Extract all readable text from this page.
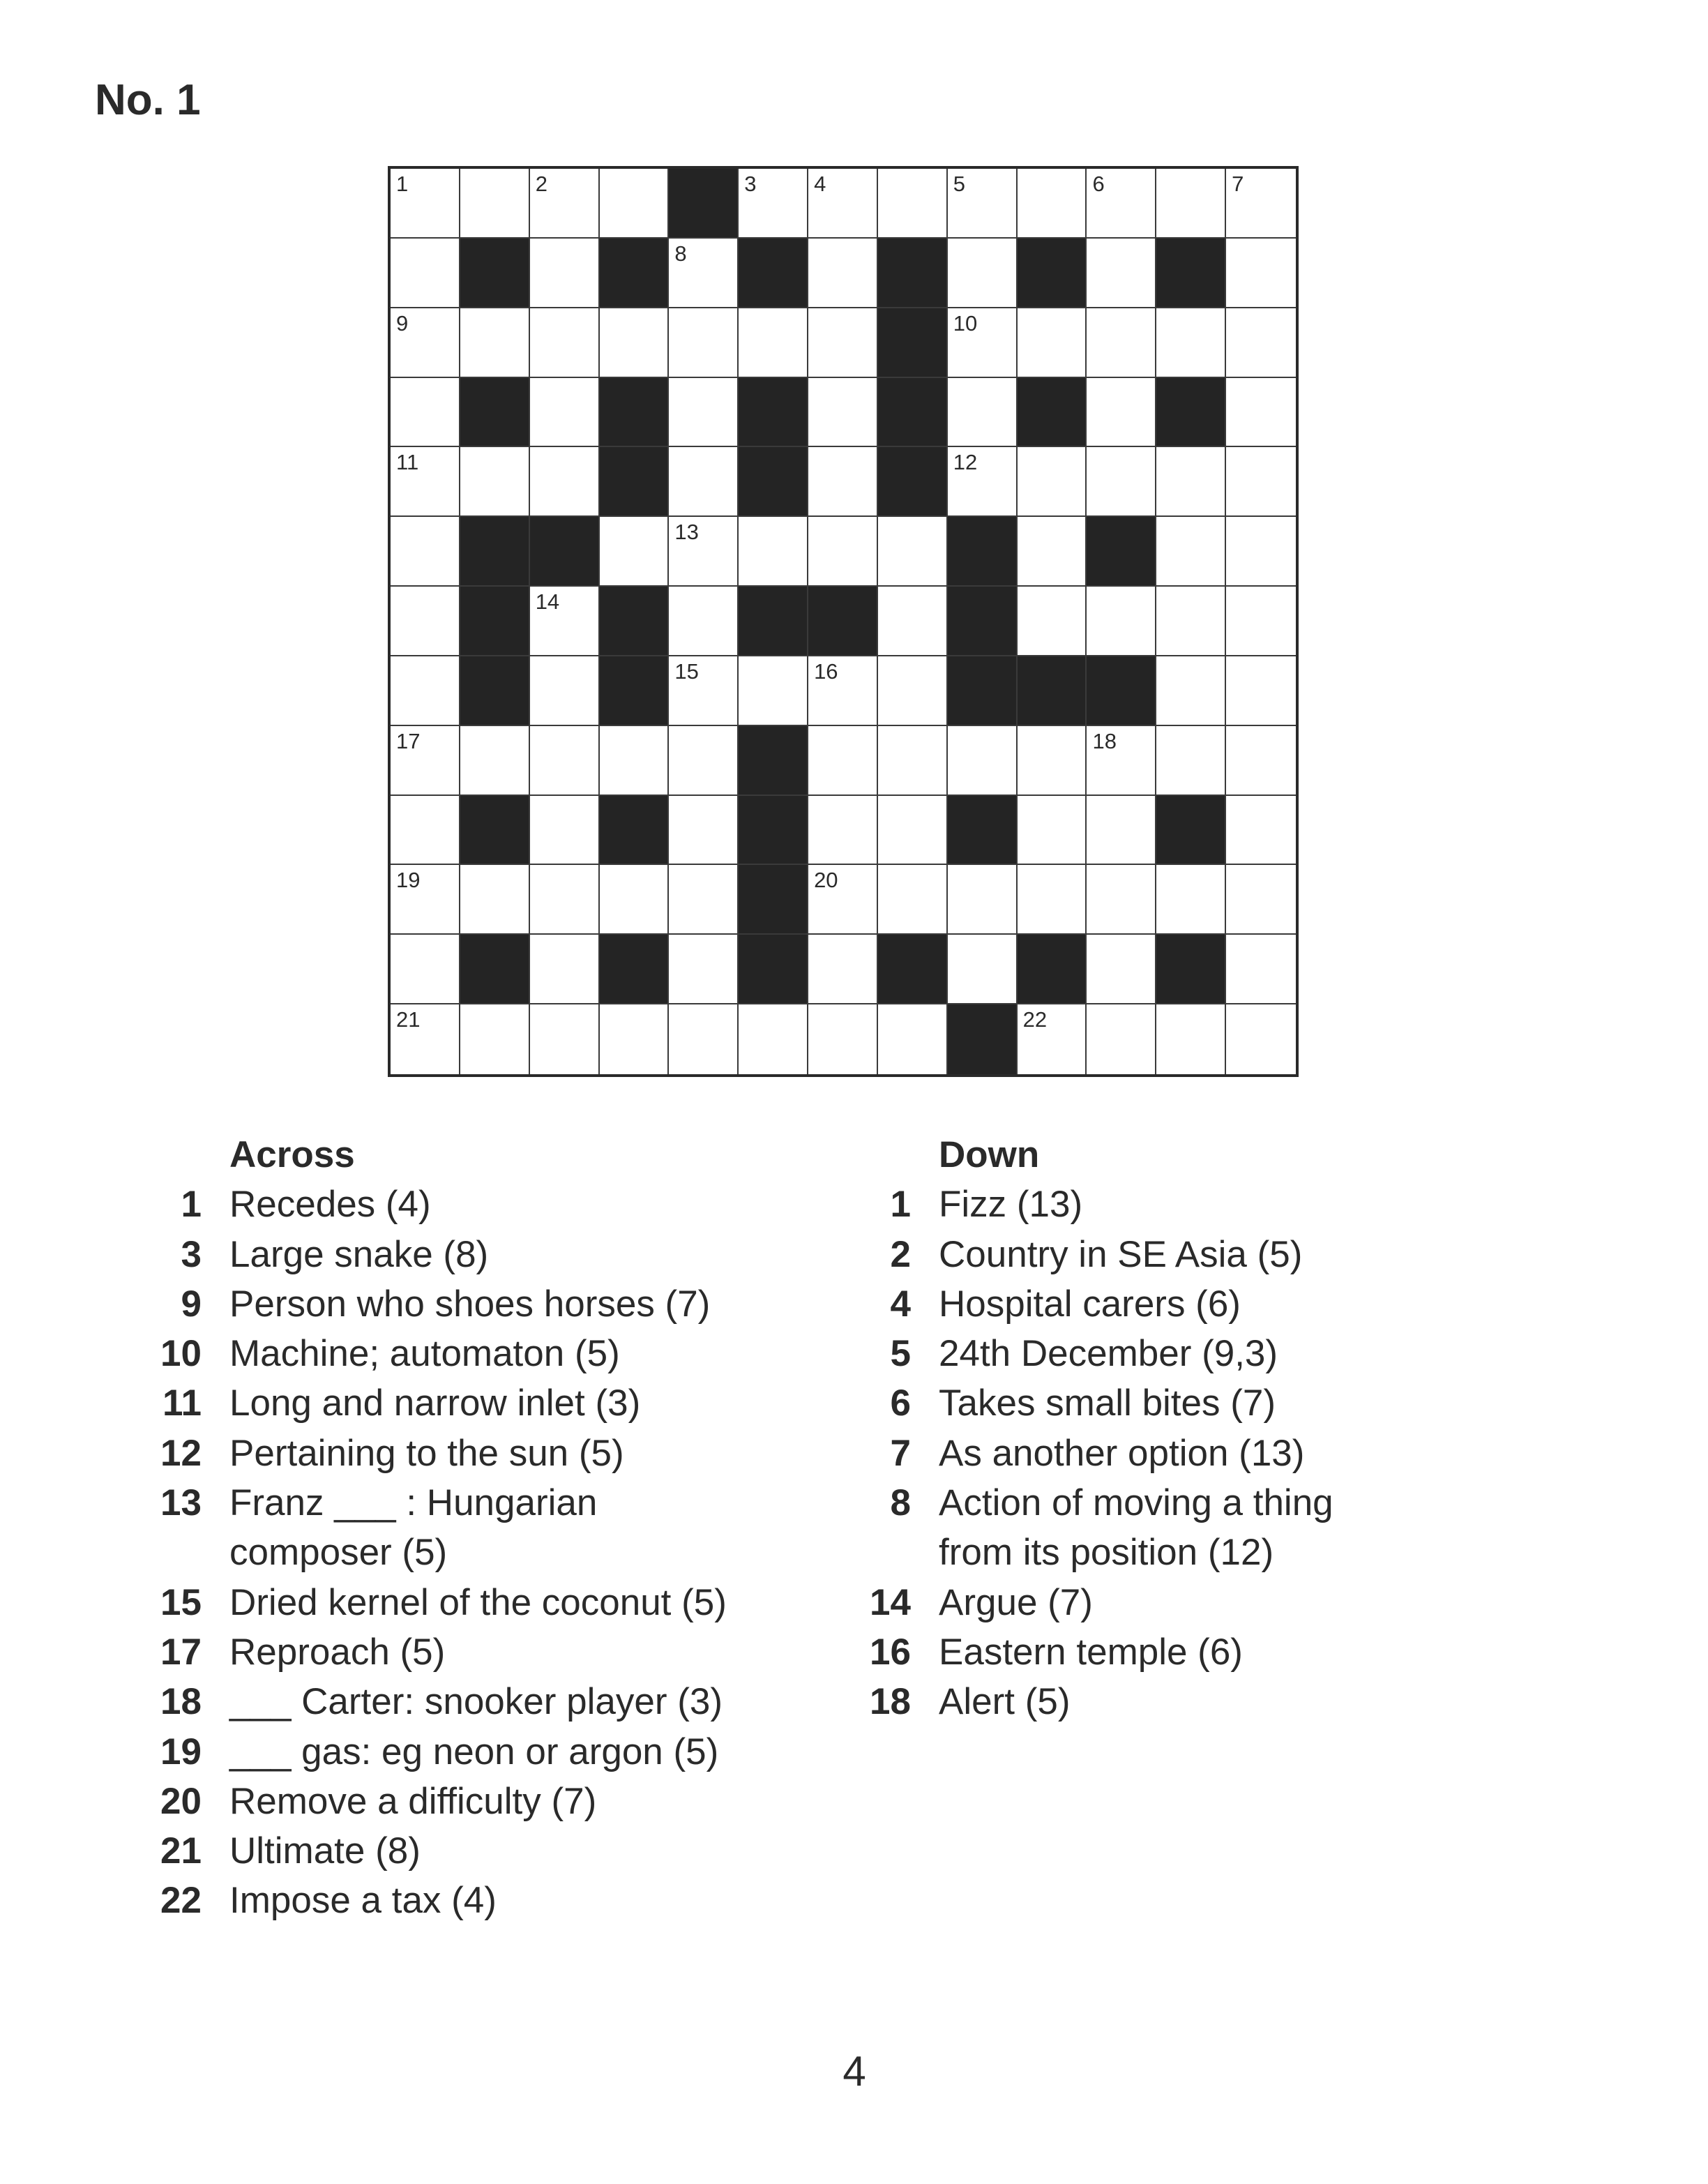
No. 1
1	2	3	4	5	6	7
8
9	10
11	12
13
14
15	16
17	18
19	20
21	22
Across
1 Recedes (4)
3 Large snake (8)
9 Person who shoes horses (7)
10 Machine; automaton (5)
11 Long and narrow inlet (3)
12 Pertaining to the sun (5)
13 Franz ___ : Hungarian
composer (5)
15 Dried kernel of the coconut (5)
17 Reproach (5)
18 ___ Carter: snooker player (3)
19 ___ gas: eg neon or argon (5)
20 Remove a difficulty (7)
21 Ultimate (8)
22 Impose a tax (4)
Down
1 Fizz (13)
2 Country in SE Asia (5)
4 Hospital carers (6)
5 24th December (9,3)
6 Takes small bites (7)
7 As another option (13)
8 Action of moving a thing
from its position (12)
14 Argue (7)
16 Eastern temple (6)
18 Alert (5)
4
